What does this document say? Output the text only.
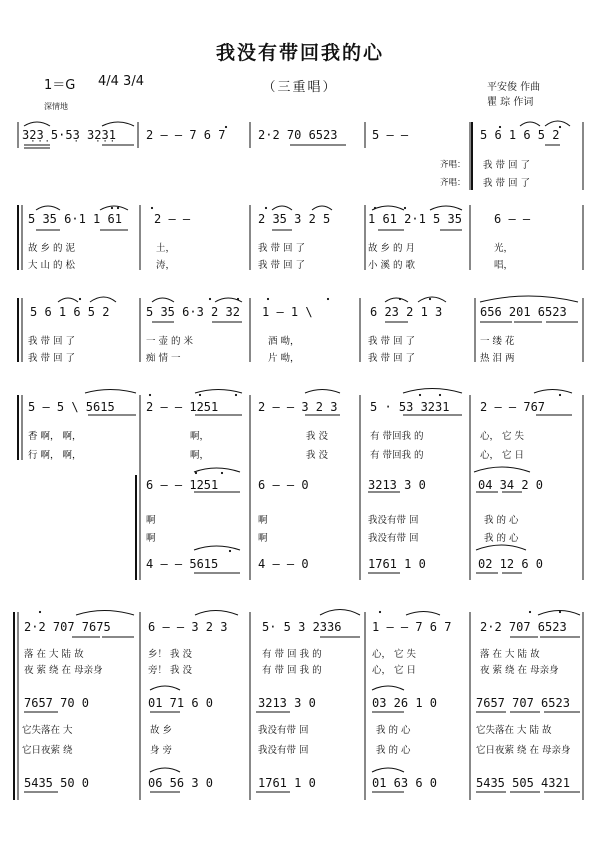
我没有带回我的心
1＝G 4/4 3/4
深情地
（三重唱）	平安俊 作曲
瞿 琮 作词
3̣2̣3̣ 5·5̣3 3̣2̣3̣1	2 – – 7 6 7	2·2 70 6523	5 – –	5 6 1 6 5 2
齐唱：
齐唱：
我 带 回 了
我 带 回 了
5 35 6·1 1 61	2 — —	2 35 3 2 5	1 61 2·1 5 35	6 — —
故 乡 的 泥	土，	我 带 回 了	故 乡 的 月	光，
大 山 的 松	涛，	我 带 回 了	小 溪 的 歌	唱，
5 6 1 6 5 2	5 35 6·3 2 32 1 — 1 \	6 23 2 1 3	656 201 6523
我 带 回 了	一 壶 的 米	酒 呦，	我 带 回 了	一 缕 花
我 带 回 了	痴 情 一	片 呦，	我 带 回 了	热 泪 两
5 – 5 \ 5615	2 – – 1251	2 – – 3 2 3	5 · 53 3231	2 – – 767
香 啊， 啊，	啊，	我 没	有 带回我 的	心， 它 失
行 啊， 啊，	啊，	我 没	有 带回我 的	心， 它 日
6 – – 1251	6 – – 0	3213 3 0	04 34 2 0
啊	啊	我没有带 回	我 的 心
啊	啊	我没有带 回	我 的 心
4 – – 5615	4 – – 0	1761 1 0	02 12 6 0
2·2 707 7675	6 – – 3 2 3	5· 5 3 2336	1 – – 7 6 7 2·2 707 6523
落 在 大 陆 故	乡！ 我 没	有 带 回 我 的	心， 它 失	落 在 大 陆 故
夜 萦 绕 在 母亲身	旁！ 我 没	有 带 回 我 的	心， 它 日	夜 萦 绕 在 母亲身
7657 70 0	01 71 6 0	3213 3 0	03 26 1 0	7657 707 6523
它失落在 大	故 乡	我没有带 回	我 的 心	它失落在 大 陆 故
它日夜萦 绕	身 旁	我没有带 回	我 的 心	它日夜萦 绕 在 母亲身
5435 50 0	06 56 3 0	1761 1 0	01 63 6 0	5435 505 4321
